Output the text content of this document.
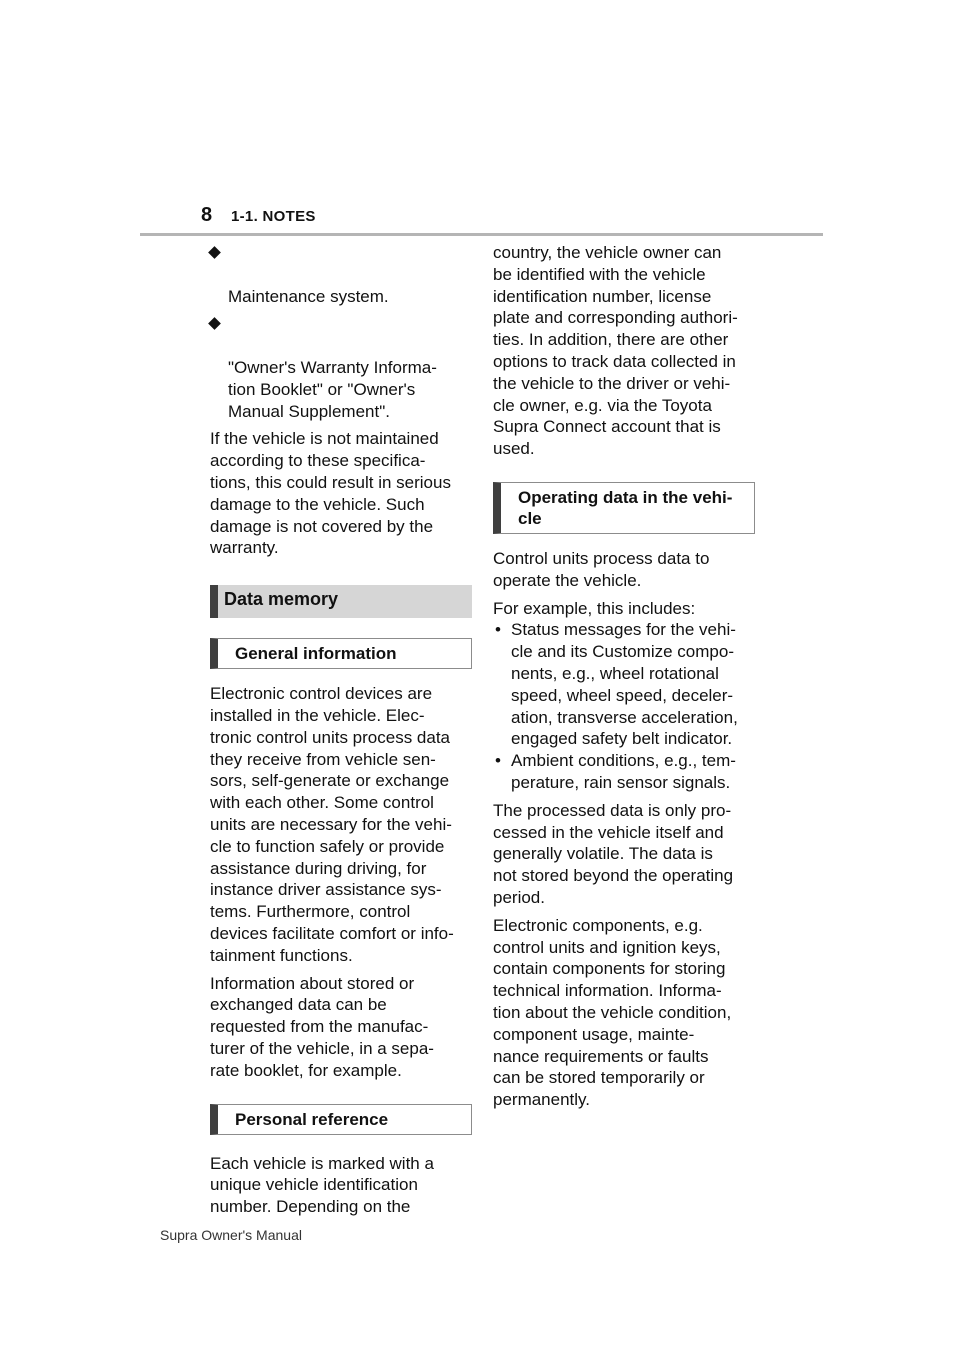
8 1-1. NOTES

Maintenance system.

"Owner's Warranty Informa-
tion Booklet" or "Owner's
Manual Supplement".

If the vehicle is not maintained
according to these specifica-
tions, this could result in serious
damage to the vehicle. Such
damage is not covered by the
warranty.

Data memory
General information

Electronic control devices are
installed in the vehicle. Elec-
tronic control units process data
they receive from vehicle sen-
sors, self-generate or exchange
with each other. Some control
units are necessary for the vehi-
cle to function safely or provide
assistance during driving, for
instance driver assistance sys-
tems. Furthermore, control
devices facilitate comfort or info-
tainment functions.

Information about stored or
exchanged data can be
requested from the manufac-
turer of the vehicle, in a sepa-
rate booklet, for example.

Personal reference

Each vehicle is marked with a
unique vehicle identification
number. Depending on the

country, the vehicle owner can
be identified with the vehicle
identification number, license
plate and corresponding authori-
ties. In addition, there are other
options to track data collected in
the vehicle to the driver or vehi-
cle owner, e.g. via the Toyota
Supra Connect account that is
used.

Operating data in the vehi-
cle

Control units process data to
operate the vehicle.

For example, this includes:

• Status messages for the vehi-
cle and its Customize compo-
nents, e.g., wheel rotational
speed, wheel speed, deceler-
ation, transverse acceleration,
engaged safety belt indicator.
• Ambient conditions, e.g., tem-
perature, rain sensor signals.

The processed data is only pro-
cessed in the vehicle itself and
generally volatile. The data is
not stored beyond the operating
period.

Electronic components, e.g.
control units and ignition keys,
contain components for storing
technical information. Informa-
tion about the vehicle condition,
component usage, mainte-
nance requirements or faults
can be stored temporarily or
permanently.

Supra Owner's Manual
